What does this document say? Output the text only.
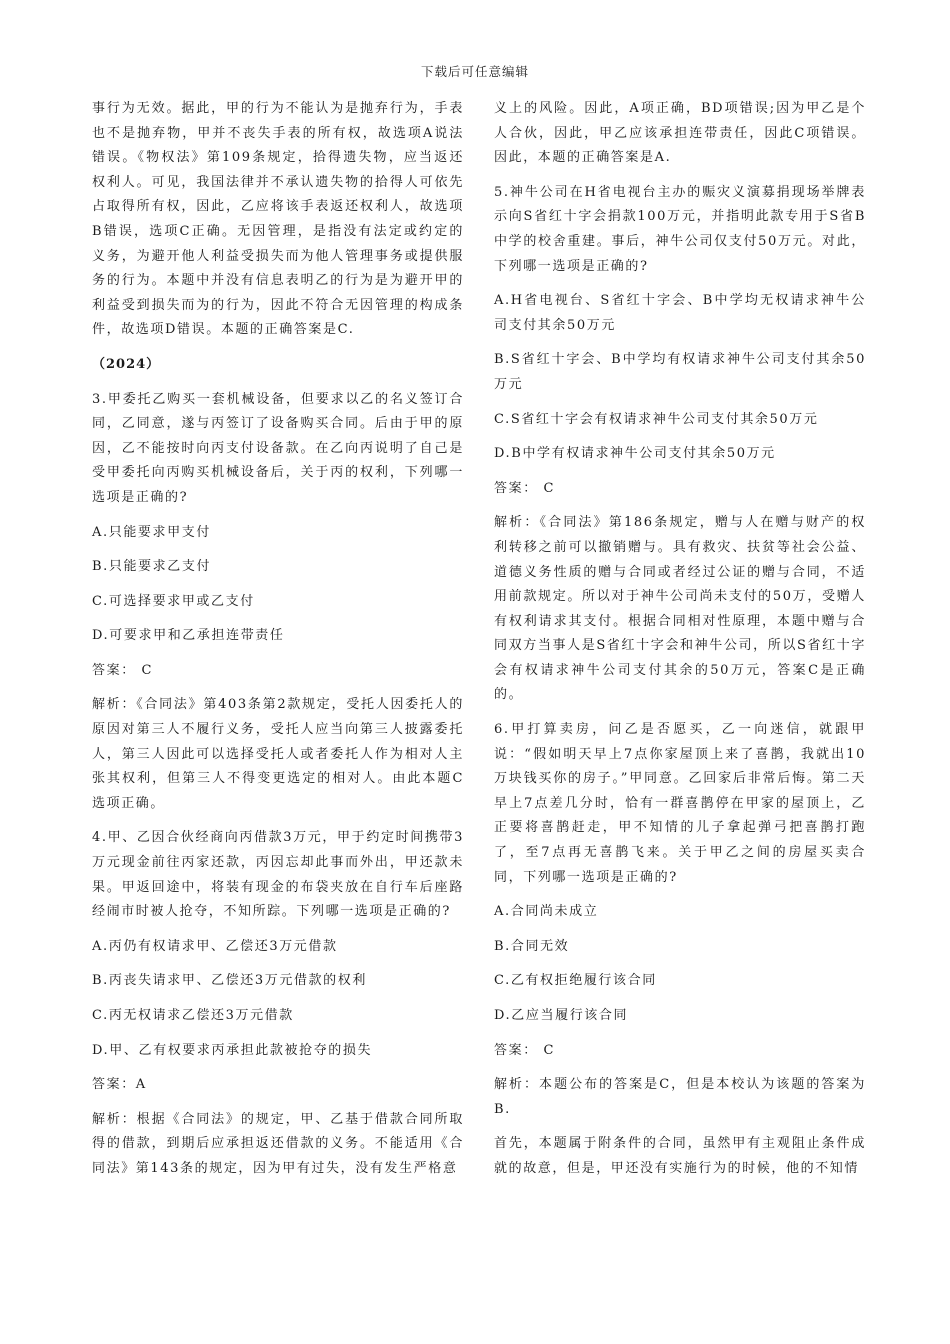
下载后可任意编辑

事行为无效。据此，甲的行为不能认为是抛弃行为，手表也不是抛弃物，甲并不丧失手表的所有权，故选项A说法错误。《物权法》第109条规定，拾得遗失物，应当返还权利人。可见，我国法律并不承认遗失物的拾得人可依先占取得所有权，因此，乙应将该手表返还权利人，故选项B错误，选项C正确。无因管理，是指没有法定或约定的义务，为避开他人利益受损失而为他人管理事务或提供服务的行为。本题中并没有信息表明乙的行为是为避开甲的利益受到损失而为的行为，因此不符合无因管理的构成条件，故选项D错误。本题的正确答案是C.

（2024）

3.甲委托乙购买一套机械设备，但要求以乙的名义签订合同，乙同意，遂与丙签订了设备购买合同。后由于甲的原因，乙不能按时向丙支付设备款。在乙向丙说明了自己是受甲委托向丙购买机械设备后，关于丙的权利，下列哪一选项是正确的?

A.只能要求甲支付

B.只能要求乙支付

C.可选择要求甲或乙支付

D.可要求甲和乙承担连带责任

答案： C

解析：《合同法》第403条第2款规定，受托人因委托人的原因对第三人不履行义务，受托人应当向第三人披露委托人，第三人因此可以选择受托人或者委托人作为相对人主张其权利，但第三人不得变更选定的相对人。由此本题C选项正确。

4.甲、乙因合伙经商向丙借款3万元，甲于约定时间携带3万元现金前往丙家还款，丙因忘却此事而外出，甲还款未果。甲返回途中，将装有现金的布袋夹放在自行车后座路经闹市时被人抢夺，不知所踪。下列哪一选项是正确的?

A.丙仍有权请求甲、乙偿还3万元借款

B.丙丧失请求甲、乙偿还3万元借款的权利

C.丙无权请求乙偿还3万元借款

D.甲、乙有权要求丙承担此款被抢夺的损失

答案：A

解析：根据《合同法》的规定，甲、乙基于借款合同所取得的借款，到期后应承担返还借款的义务。不能适用《合同法》第143条的规定，因为甲有过失，没有发生严格意

义上的风险。因此，A项正确，BD项错误;因为甲乙是个人合伙，因此，甲乙应该承担连带责任，因此C项错误。因此，本题的正确答案是A.

5.神牛公司在H省电视台主办的赈灾义演募捐现场举牌表示向S省红十字会捐款100万元，并指明此款专用于S省B中学的校舍重建。事后，神牛公司仅支付50万元。对此，下列哪一选项是正确的?

A.H省电视台、S省红十字会、B中学均无权请求神牛公司支付其余50万元

B.S省红十字会、B中学均有权请求神牛公司支付其余50万元

C.S省红十字会有权请求神牛公司支付其余50万元

D.B中学有权请求神牛公司支付其余50万元

答案： C

解析：《合同法》第186条规定，赠与人在赠与财产的权利转移之前可以撤销赠与。具有救灾、扶贫等社会公益、道德义务性质的赠与合同或者经过公证的赠与合同，不适用前款规定。所以对于神牛公司尚未支付的50万，受赠人有权利请求其支付。根据合同相对性原理，本题中赠与合同双方当事人是S省红十字会和神牛公司，所以S省红十字会有权请求神牛公司支付其余的50万元，答案C是正确的。

6.甲打算卖房，问乙是否愿买，乙一向迷信，就跟甲说：“假如明天早上7点你家屋顶上来了喜鹊，我就出10万块钱买你的房子。”甲同意。乙回家后非常后悔。第二天早上7点差几分时，恰有一群喜鹊停在甲家的屋顶上，乙正要将喜鹊赶走，甲不知情的儿子拿起弹弓把喜鹊打跑了，至7点再无喜鹊飞来。关于甲乙之间的房屋买卖合同，下列哪一选项是正确的?

A.合同尚未成立

B.合同无效

C.乙有权拒绝履行该合同

D.乙应当履行该合同

答案： C

解析：本题公布的答案是C，但是本校认为该题的答案为B.

首先，本题属于附条件的合同，虽然甲有主观阻止条件成就的故意，但是，甲还没有实施行为的时候，他的不知情
